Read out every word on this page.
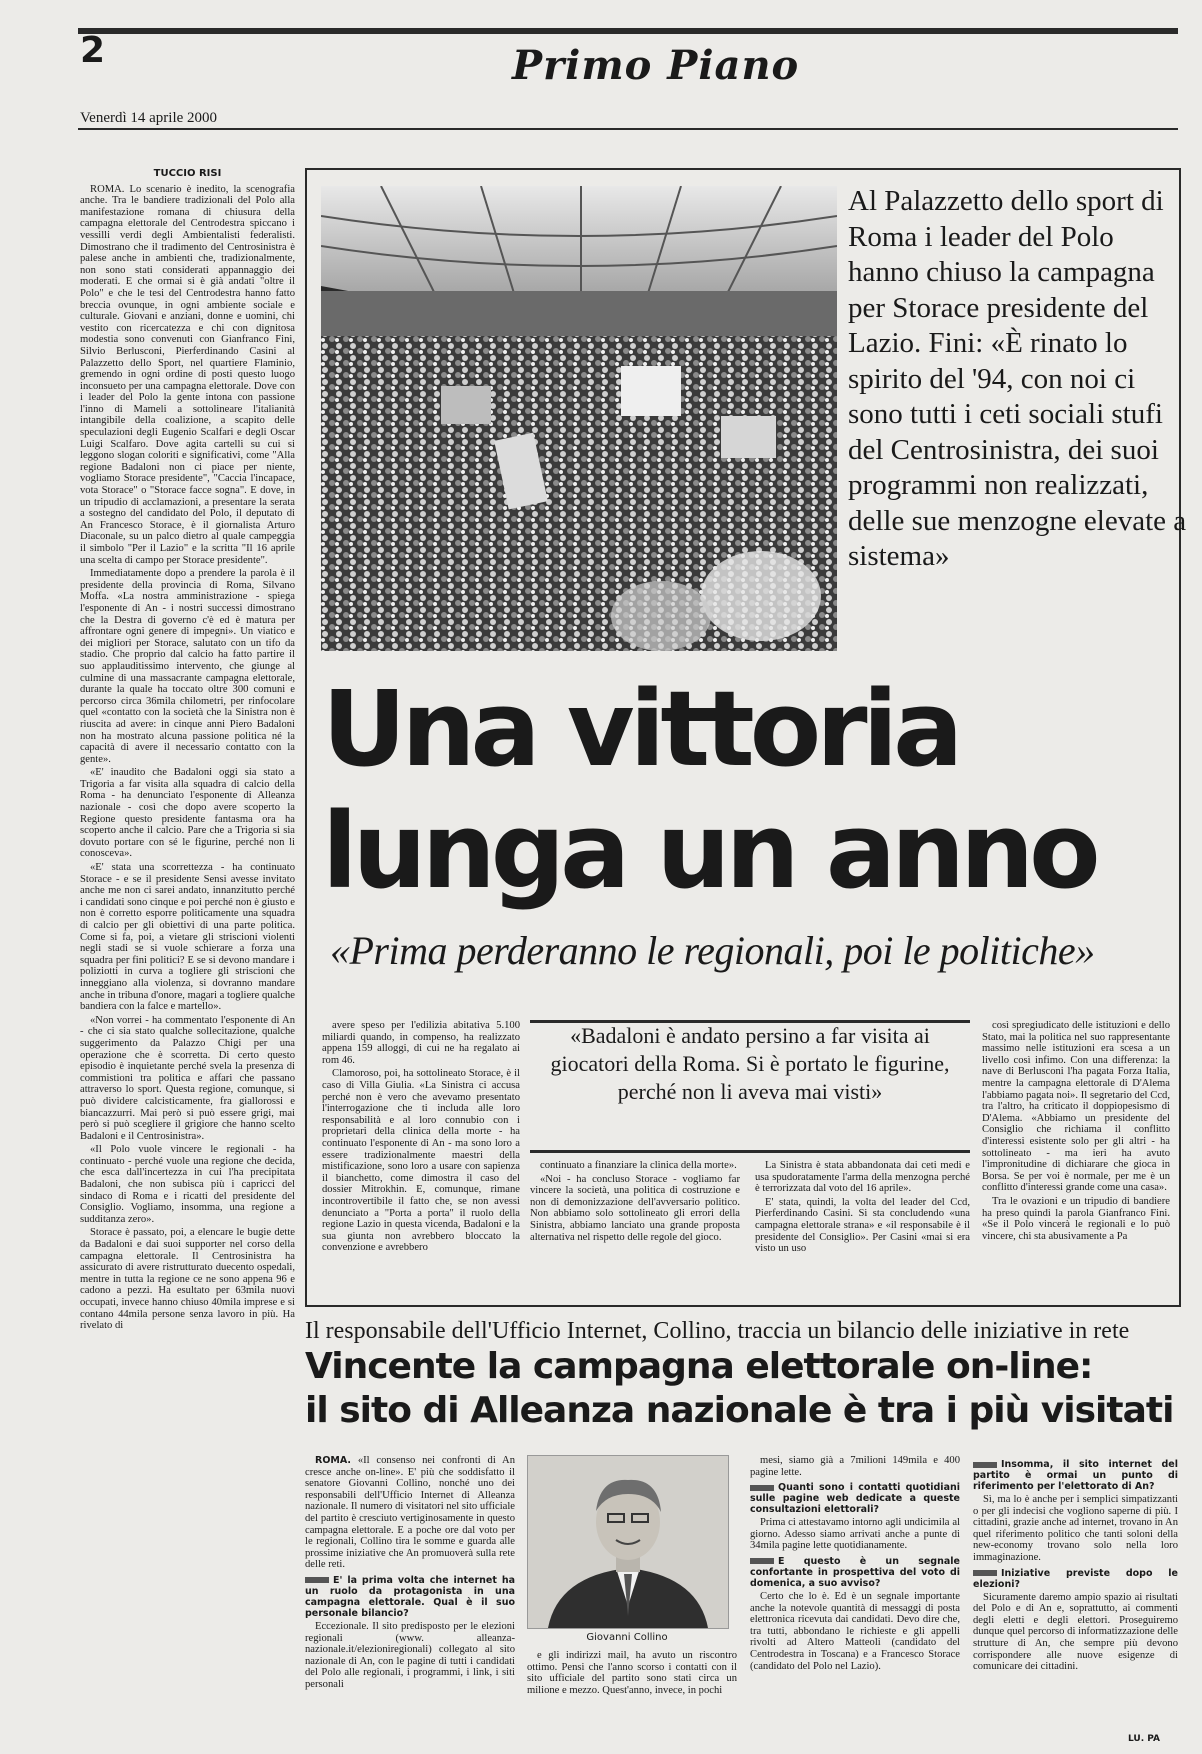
2	Primo Piano
Venerdì 14 aprile 2000
TUCCIO RISI

ROMA. Lo scenario è inedito, la scenografia anche. Tra le bandiere tradizionali del Polo alla manifestazione romana di chiusura della campagna elettorale del Centrodestra spiccano i vessilli verdi degli Ambientalisti federalisti. Dimostrano che il tradimento del Centrosinistra è palese anche in ambienti che, tradizionalmente, non sono stati considerati appannaggio dei moderati. E che ormai si è già andati "oltre il Polo" e che le tesi del Centrodestra hanno fatto breccia ovunque, in ogni ambiente sociale e culturale. Giovani e anziani, donne e uomini, chi vestito con ricercatezza e chi con dignitosa modestia sono convenuti con Gianfranco Fini, Silvio Berlusconi, Pierferdinando Casini al Palazzetto dello Sport, nel quartiere Flaminio, gremendo in ogni ordine di posti questo luogo inconsueto per una campagna elettorale. Dove con i leader del Polo la gente intona con passione l'inno di Mameli a sottolineare l'italianità intangibile della coalizione, a scapito delle speculazioni degli Eugenio Scalfari e degli Oscar Luigi Scalfaro. Dove agita cartelli su cui si leggono slogan coloriti e significativi, come "Alla regione Badaloni non ci piace per niente, vogliamo Storace presidente", "Caccia l'incapace, vota Storace" o "Storace facce sogna". E dove, in un tripudio di acclamazioni, a presentare la serata a sostegno del candidato del Polo, il deputato di An Francesco Storace, è il giornalista Arturo Diaconale, su un palco dietro al quale campeggia il simbolo "Per il Lazio" e la scritta "Il 16 aprile una scelta di campo per Storace presidente".

Immediatamente dopo a prendere la parola è il presidente della provincia di Roma, Silvano Moffa. «La nostra amministrazione - spiega l'esponente di An - i nostri successi dimostrano che la Destra di governo c'è ed è matura per affrontare ogni genere di impegni». Un viatico e dei migliori per Storace, salutato con un tifo da stadio. Che proprio dal calcio ha fatto partire il suo applauditissimo intervento, che giunge al culmine di una massacrante campagna elettorale, durante la quale ha toccato oltre 300 comuni e percorso circa 36mila chilometri, per rinfocolare quel «contatto con la società che la Sinistra non è riuscita ad avere: in cinque anni Piero Badaloni non ha mostrato alcuna passione politica né la capacità di avere il necessario contatto con la gente».

«E' inaudito che Badaloni oggi sia stato a Trigoria a far visita alla squadra di calcio della Roma - ha denunciato l'esponente di Alleanza nazionale - così che dopo avere scoperto la Regione questo presidente fantasma ora ha scoperto anche il calcio. Pare che a Trigoria si sia dovuto portare con sé le figurine, perché non li conosceva».

«E' stata una scorrettezza - ha continuato Storace - e se il presidente Sensi avesse invitato anche me non ci sarei andato, innanzitutto perché i candidati sono cinque e poi perché non è giusto e non è corretto esporre politicamente una squadra di calcio per gli obiettivi di una parte politica. Come si fa, poi, a vietare gli striscioni violenti negli stadi se si vuole schierare a forza una squadra per fini politici? E se si devono mandare i poliziotti in curva a togliere gli striscioni che inneggiano alla violenza, si dovranno mandare anche in tribuna d'onore, magari a togliere qualche bandiera con la falce e martello».

«Non vorrei - ha commentato l'esponente di An - che ci sia stato qualche sollecitazione, qualche suggerimento da Palazzo Chigi per una operazione che è scorretta. Di certo questo episodio è inquietante perché svela la presenza di commistioni tra politica e affari che passano attraverso lo sport. Questa regione, comunque, si può dividere calcisticamente, fra giallorossi e biancazzurri. Mai però si può essere grigi, mai però si può scegliere il grigiore che hanno scelto Badaloni e il Centrosinistra».

«Il Polo vuole vincere le regionali - ha continuato - perché vuole una regione che decida, che esca dall'incertezza in cui l'ha precipitata Badaloni, che non subisca più i capricci del sindaco di Roma e i ricatti del presidente del Consiglio. Vogliamo, insomma, una regione a sudditanza zero».

Storace è passato, poi, a elencare le bugie dette da Badaloni e dai suoi supporter nel corso della campagna elettorale. Il Centrosinistra ha assicurato di avere ristrutturato duecento ospedali, mentre in tutta la regione ce ne sono appena 96 e cadono a pezzi. Ha esultato per 63mila nuovi occupati, invece hanno chiuso 40mila imprese e si contano 44mila persone senza lavoro in più. Ha rivelato di

Al Palazzetto dello sport di Roma i leader del Polo hanno chiuso la campagna per Storace presidente del Lazio. Fini: «È rinato lo spirito del '94, con noi ci sono tutti i ceti sociali stufi del Centrosinistra, dei suoi programmi non realizzati, delle sue menzogne elevate a sistema»
Una vittoria
lunga un anno
«Prima perderanno le regionali, poi le politiche»

avere speso per l'edilizia abitativa 5.100 miliardi quando, in compenso, ha realizzato appena 159 alloggi, di cui ne ha regalato ai rom 46.

Clamoroso, poi, ha sottolineato Storace, è il caso di Villa Giulia. «La Sinistra ci accusa perché non è vero che avevamo presentato l'interrogazione che ti includa alle loro responsabilità e al loro connubio con i proprietari della clinica della morte - ha continuato l'esponente di An - ma sono loro a essere tradizionalmente maestri della mistificazione, sono loro a usare con sapienza il bianchetto, come dimostra il caso del dossier Mitrokhin. E, comunque, rimane incontrovertibile il fatto che, se non avessi denunciato a "Porta a porta" il ruolo della regione Lazio in questa vicenda, Badaloni e la sua giunta non avrebbero bloccato la convenzione e avrebbero

«Badaloni è andato persino a far visita ai giocatori della Roma. Si è portato le figurine, perché non li aveva mai visti»

continuato a finanziare la clinica della morte».

«Noi - ha concluso Storace - vogliamo far vincere la società, una politica di costruzione e non di demonizzazione dell'avversario politico. Non abbiamo solo sottolineato gli errori della Sinistra, abbiamo lanciato una grande proposta alternativa nel rispetto delle regole del gioco.

La Sinistra è stata abbandonata dai ceti medi e usa spudoratamente l'arma della menzogna perché è terrorizzata dal voto del 16 aprile».

E' stata, quindi, la volta del leader del Ccd, Pierferdinando Casini. Si sta concludendo «una campagna elettorale strana» e «il responsabile è il presidente del Consiglio». Per Casini «mai si era visto un uso

così spregiudicato delle istituzioni e dello Stato, mai la politica nel suo rappresentante massimo nelle istituzioni era scesa a un livello così infimo. Con una differenza: la nave di Berlusconi l'ha pagata Forza Italia, mentre la campagna elettorale di D'Alema l'abbiamo pagata noi». Il segretario del Ccd, tra l'altro, ha criticato il doppiopesismo di D'Alema. «Abbiamo un presidente del Consiglio che richiama il conflitto d'interessi esistente solo per gli altri - ha sottolineato - ma ieri ha avuto l'impronitudine di dichiarare che gioca in Borsa. Se per voi è normale, per me è un conflitto d'interessi grande come una casa».

Tra le ovazioni e un tripudio di bandiere ha preso quindi la parola Gianfranco Fini. «Se il Polo vincerà le regionali e lo può vincere, chi sta abusivamente a Pa

Il responsabile dell'Ufficio Internet, Collino, traccia un bilancio delle iniziative in rete
Vincente la campagna elettorale on-line:
il sito di Alleanza nazionale è tra i più visitati

ROMA. «Il consenso nei confronti di An cresce anche on-line». E' più che soddisfatto il senatore Giovanni Collino, nonché uno dei responsabili dell'Ufficio Internet di Alleanza nazionale. Il numero di visitatori nel sito ufficiale del partito è cresciuto vertiginosamente in questo campagna elettorale. E a poche ore dal voto per le regionali, Collino tira le somme e guarda alle prossime iniziative che An promuoverà sulla rete delle reti.

E' la prima volta che internet ha un ruolo da protagonista in una campagna elettorale. Qual è il suo personale bilancio?

Eccezionale. Il sito predisposto per le elezioni regionali (www. alleanza-nazionale.it/elezioniregionali) collegato al sito nazionale di An, con le pagine di tutti i candidati del Polo alle regionali, i programmi, i link, i siti personali

Giovanni Collino

e gli indirizzi mail, ha avuto un riscontro ottimo. Pensi che l'anno scorso i contatti con il sito ufficiale del partito sono stati circa un milione e mezzo. Quest'anno, invece, in pochi

mesi, siamo già a 7milioni 149mila e 400 pagine lette.

Quanti sono i contatti quotidiani sulle pagine web dedicate a queste consultazioni elettorali?

Prima ci attestavamo intorno agli undicimila al giorno. Adesso siamo arrivati anche a punte di 34mila pagine lette quotidianamente.

E questo è un segnale confortante in prospettiva del voto di domenica, a suo avviso?

Certo che lo è. Ed è un segnale importante anche la notevole quantità di messaggi di posta elettronica ricevuta dai candidati. Devo dire che, tra tutti, abbondano le richieste e gli appelli rivolti ad Altero Matteoli (candidato del Centrodestra in Toscana) e a Francesco Storace (candidato del Polo nel Lazio).

Insomma, il sito internet del partito è ormai un punto di riferimento per l'elettorato di An?

Sì, ma lo è anche per i semplici simpatizzanti o per gli indecisi che vogliono saperne di più. I cittadini, grazie anche ad internet, trovano in An quel riferimento politico che tanti soloni della new-economy trovano solo nella loro immaginazione.

Iniziative previste dopo le elezioni?

Sicuramente daremo ampio spazio ai risultati del Polo e di An e, soprattutto, ai commenti degli eletti e degli elettori. Proseguiremo dunque quel percorso di informatizzazione delle strutture di An, che sempre più devono corrispondere alle nuove esigenze di comunicare dei cittadini.

LU. PA
